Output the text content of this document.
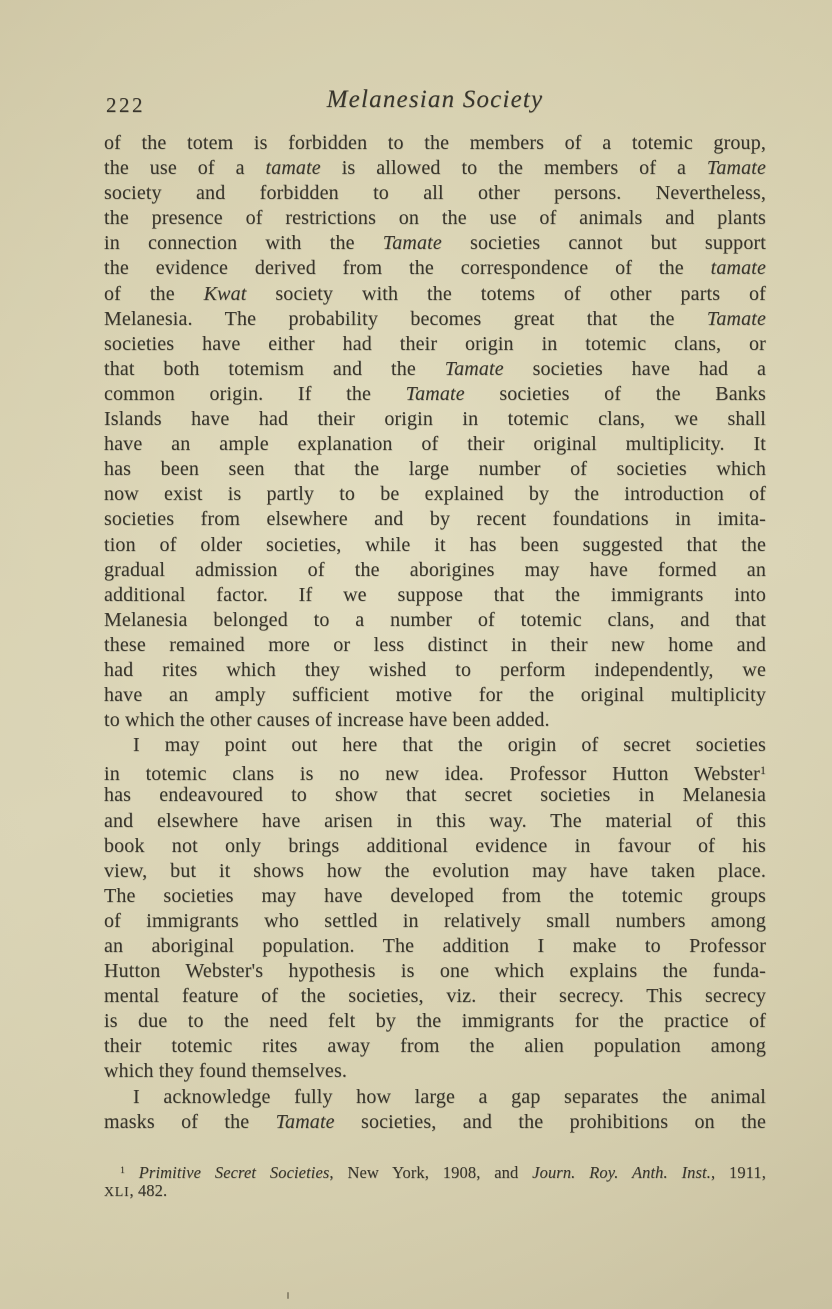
Melanesian Society
222
of the totem is forbidden to the members of a totemic group,
the use of a tamate is allowed to the members of a Tamate
society and forbidden to all other persons. Nevertheless,
the presence of restrictions on the use of animals and plants
in connection with the Tamate societies cannot but support
the evidence derived from the correspondence of the tamate
of the Kwat society with the totems of other parts of
Melanesia. The probability becomes great that the Tamate
societies have either had their origin in totemic clans, or
that both totemism and the Tamate societies have had a
common origin. If the Tamate societies of the Banks
Islands have had their origin in totemic clans, we shall
have an ample explanation of their original multiplicity. It
has been seen that the large number of societies which
now exist is partly to be explained by the introduction of
societies from elsewhere and by recent foundations in imita-
tion of older societies, while it has been suggested that the
gradual admission of the aborigines may have formed an
additional factor. If we suppose that the immigrants into
Melanesia belonged to a number of totemic clans, and that
these remained more or less distinct in their new home and
had rites which they wished to perform independently, we
have an amply sufficient motive for the original multiplicity
to which the other causes of increase have been added.
I may point out here that the origin of secret societies
in totemic clans is no new idea. Professor Hutton Webster$^1$
has endeavoured to show that secret societies in Melanesia
and elsewhere have arisen in this way. The material of this
book not only brings additional evidence in favour of his
view, but it shows how the evolution may have taken place.
The societies may have developed from the totemic groups
of immigrants who settled in relatively small numbers among
an aboriginal population. The addition I make to Professor
Hutton Webster's hypothesis is one which explains the funda-
mental feature of the societies, viz. their secrecy. This secrecy
is due to the need felt by the immigrants for the practice of
their totemic rites away from the alien population among
which they found themselves.
I acknowledge fully how large a gap separates the animal
masks of the Tamate societies, and the prohibitions on the
$^1$ Primitive Secret Societies, New York, 1908, and Journ. Roy. Anth. Inst., 1911,
XLI, 482.
